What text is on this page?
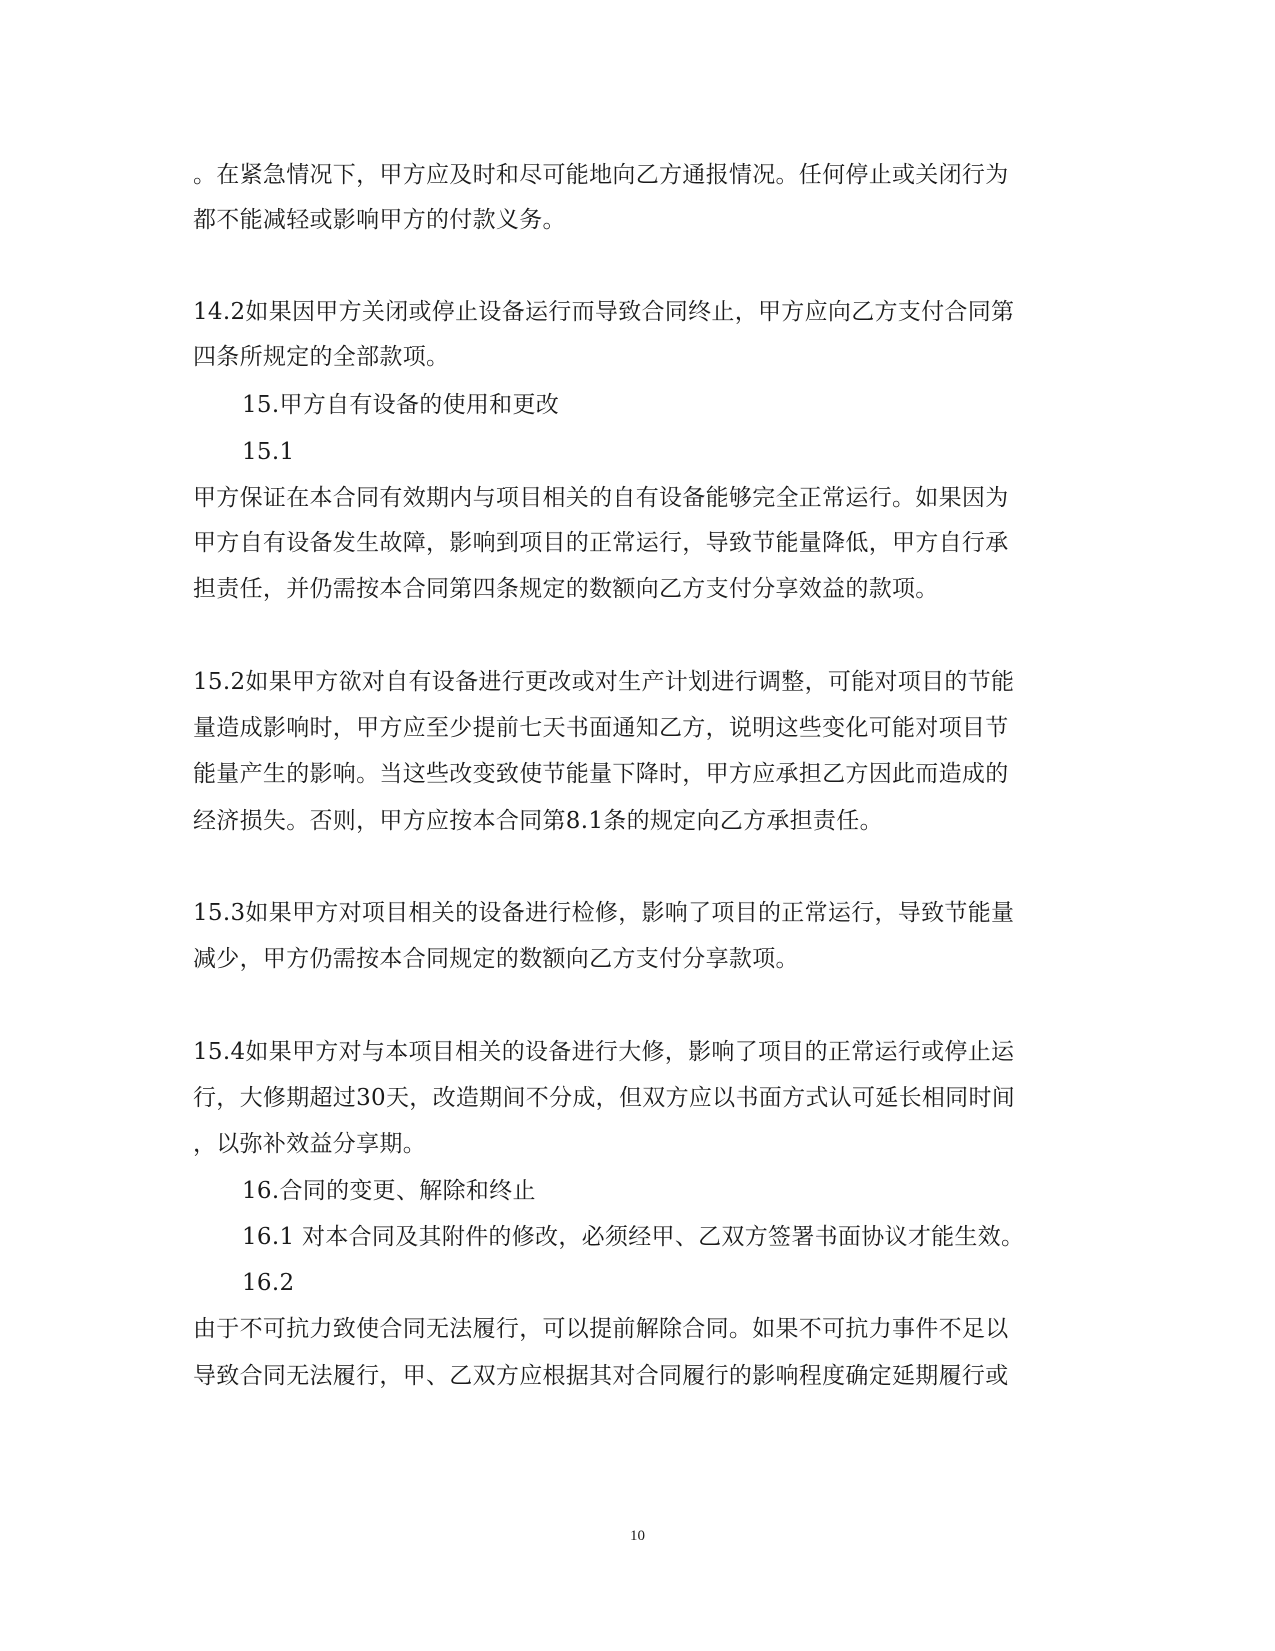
。在紧急情况下，甲方应及时和尽可能地向乙方通报情况。任何停止或关闭行为
都不能减轻或影响甲方的付款义务。
14.2如果因甲方关闭或停止设备运行而导致合同终止，甲方应向乙方支付合同第
四条所规定的全部款项。
15.甲方自有设备的使用和更改
15.1
甲方保证在本合同有效期内与项目相关的自有设备能够完全正常运行。如果因为
甲方自有设备发生故障，影响到项目的正常运行，导致节能量降低，甲方自行承
担责任，并仍需按本合同第四条规定的数额向乙方支付分享效益的款项。
15.2如果甲方欲对自有设备进行更改或对生产计划进行调整，可能对项目的节能
量造成影响时，甲方应至少提前七天书面通知乙方，说明这些变化可能对项目节
能量产生的影响。当这些改变致使节能量下降时，甲方应承担乙方因此而造成的
经济损失。否则，甲方应按本合同第8.1条的规定向乙方承担责任。
15.3如果甲方对项目相关的设备进行检修，影响了项目的正常运行，导致节能量
减少，甲方仍需按本合同规定的数额向乙方支付分享款项。
15.4如果甲方对与本项目相关的设备进行大修，影响了项目的正常运行或停止运
行，大修期超过30天，改造期间不分成，但双方应以书面方式认可延长相同时间
，以弥补效益分享期。
16.合同的变更、解除和终止
16.1 对本合同及其附件的修改，必须经甲、乙双方签署书面协议才能生效。
16.2
由于不可抗力致使合同无法履行，可以提前解除合同。如果不可抗力事件不足以
导致合同无法履行，甲、乙双方应根据其对合同履行的影响程度确定延期履行或
10
